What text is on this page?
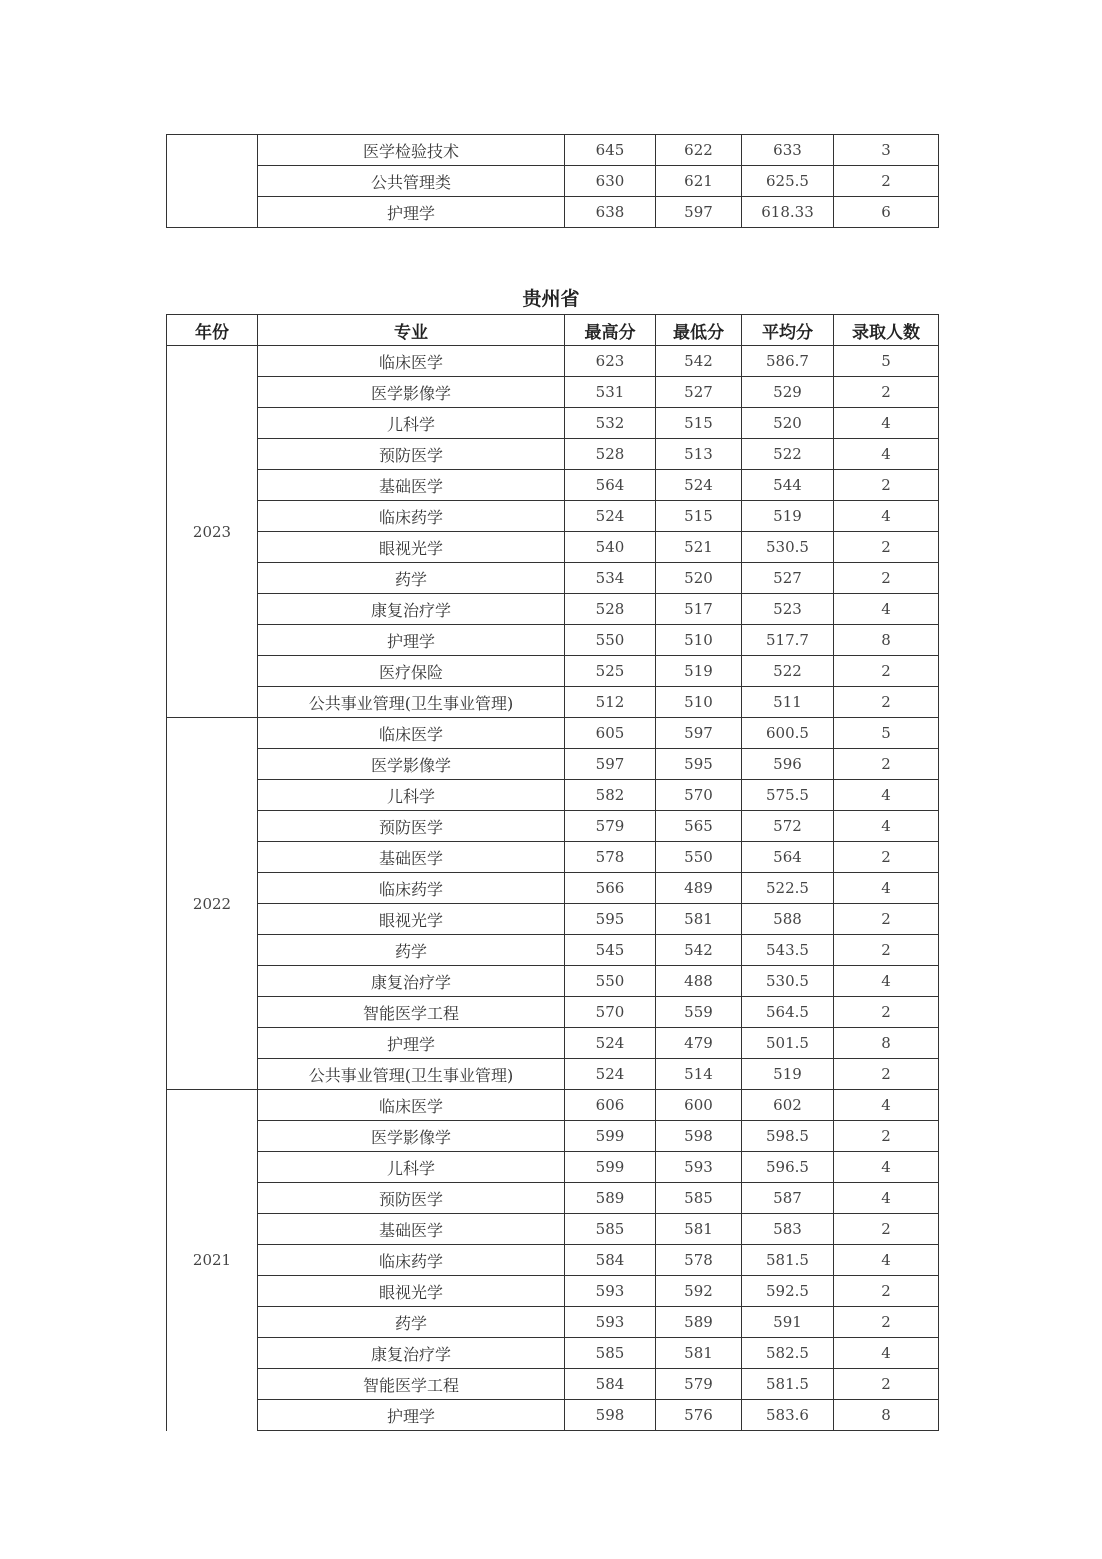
	医学检验技术	645	622	633	3
	公共管理类	630	621	625.5	2
	护理学	638	597	618.33	6
贵州省
年份	专业	最高分	最低分	平均分	录取人数
2023	临床医学	623	542	586.7	5
	医学影像学	531	527	529	2
	儿科学	532	515	520	4
	预防医学	528	513	522	4
	基础医学	564	524	544	2
	临床药学	524	515	519	4
	眼视光学	540	521	530.5	2
	药学	534	520	527	2
	康复治疗学	528	517	523	4
	护理学	550	510	517.7	8
	医疗保险	525	519	522	2
	公共事业管理(卫生事业管理)	512	510	511	2
2022	临床医学	605	597	600.5	5
	医学影像学	597	595	596	2
	儿科学	582	570	575.5	4
	预防医学	579	565	572	4
	基础医学	578	550	564	2
	临床药学	566	489	522.5	4
	眼视光学	595	581	588	2
	药学	545	542	543.5	2
	康复治疗学	550	488	530.5	4
	智能医学工程	570	559	564.5	2
	护理学	524	479	501.5	8
	公共事业管理(卫生事业管理)	524	514	519	2
2021	临床医学	606	600	602	4
	医学影像学	599	598	598.5	2
	儿科学	599	593	596.5	4
	预防医学	589	585	587	4
	基础医学	585	581	583	2
	临床药学	584	578	581.5	4
	眼视光学	593	592	592.5	2
	药学	593	589	591	2
	康复治疗学	585	581	582.5	4
	智能医学工程	584	579	581.5	2
	护理学	598	576	583.6	8
